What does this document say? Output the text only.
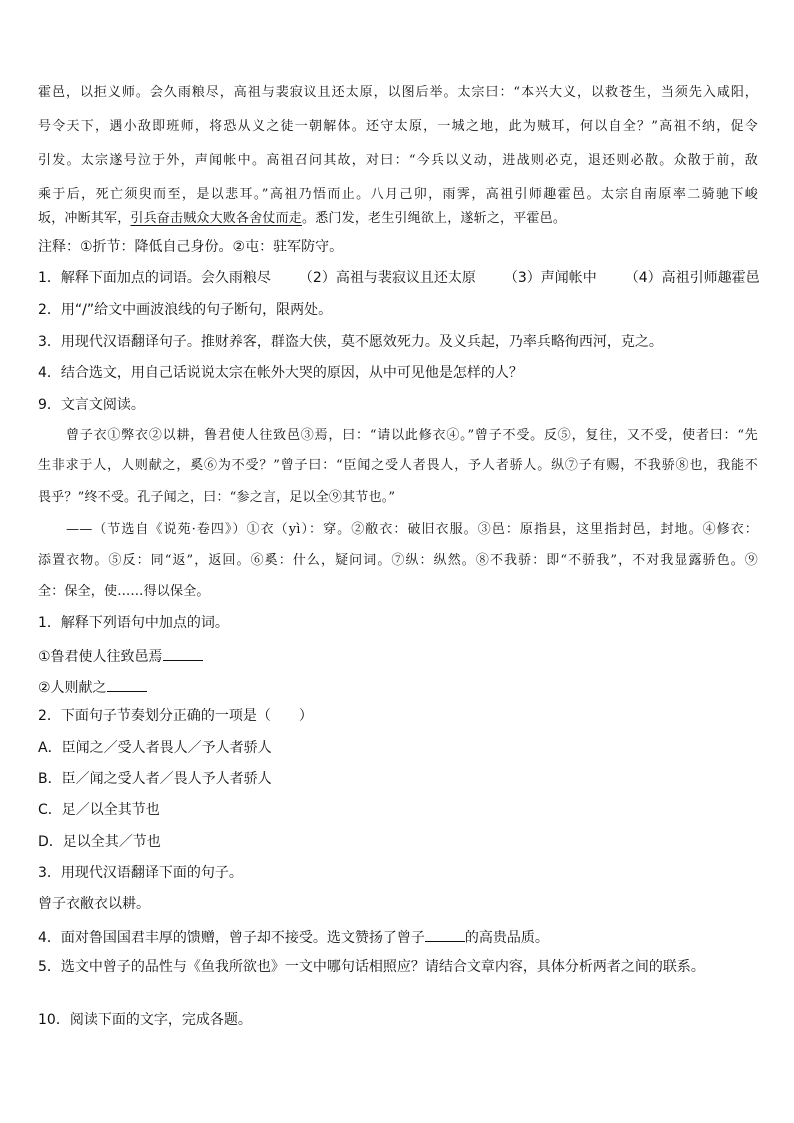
霍邑，以拒义师。会久雨粮尽，高祖与裴寂议且还太原，以图后举。太宗曰：“本兴大义，以救苍生，当须先入咸阳，
号令天下，遇小敌即班师，将恐从义之徒一朝解体。还守太原，一城之地，此为贼耳，何以自全？”高祖不纳，促令
引发。太宗遂号泣于外，声闻帐中。高祖召问其故，对曰：“今兵以义动，进战则必克，退还则必散。众散于前，敌
乘于后，死亡须臾而至，是以悲耳。”高祖乃悟而止。八月己卯，雨霁，高祖引师趣霍邑。太宗自南原率二骑驰下峻
坂，冲断其军，引兵奋击贼众大败各舍仗而走。悉门发，老生引绳欲上，遂斩之，平霍邑。
注释：①折节：降低自己身份。②屯：驻军防守。
1．解释下面加点的词语。会久雨粮尽 （2）高祖与裴寂议且还太原 （3）声闻帐中 （4）高祖引师趣霍邑
2．用“/”给文中画波浪线的句子断句，限两处。
3．用现代汉语翻译句子。推财养客，群盗大侠，莫不愿效死力。及义兵起，乃率兵略徇西河，克之。
4．结合选文，用自己话说说太宗在帐外大哭的原因，从中可见他是怎样的人？
9．文言文阅读。
曾子衣①弊衣②以耕，鲁君使人往致邑③焉，曰：“请以此修衣④。”曾子不受。反⑤，复往，又不受，使者曰：“先
生非求于人，人则献之，奚⑥为不受？”曾子曰：“臣闻之受人者畏人，予人者骄人。纵⑦子有赐，不我骄⑧也，我能不
畏乎？”终不受。孔子闻之，曰：“参之言，足以全⑨其节也。”
——（节选自《说苑·卷四》）①衣（yì）：穿。②敝衣：破旧衣服。③邑：原指县，这里指封邑，封地。④修衣：
添置衣物。⑤反：同“返”，返回。⑥奚：什么，疑问词。⑦纵：纵然。⑧不我骄：即“不骄我”，不对我显露骄色。⑨
全：保全，使……得以保全。
1．解释下列语句中加点的词。
①鲁君使人往致邑焉
②人则献之
2．下面句子节奏划分正确的一项是（　　）
A．臣闻之／受人者畏人／予人者骄人
B．臣／闻之受人者／畏人予人者骄人
C．足／以全其节也
D．足以全其／节也
3．用现代汉语翻译下面的句子。
曾子衣敝衣以耕。
4．面对鲁国国君丰厚的馈赠，曾子却不接受。选文赞扬了曾子	的高贵品质。
5．选文中曾子的品性与《鱼我所欲也》一文中哪句话相照应？请结合文章内容，具体分析两者之间的联系。
10．阅读下面的文字，完成各题。
